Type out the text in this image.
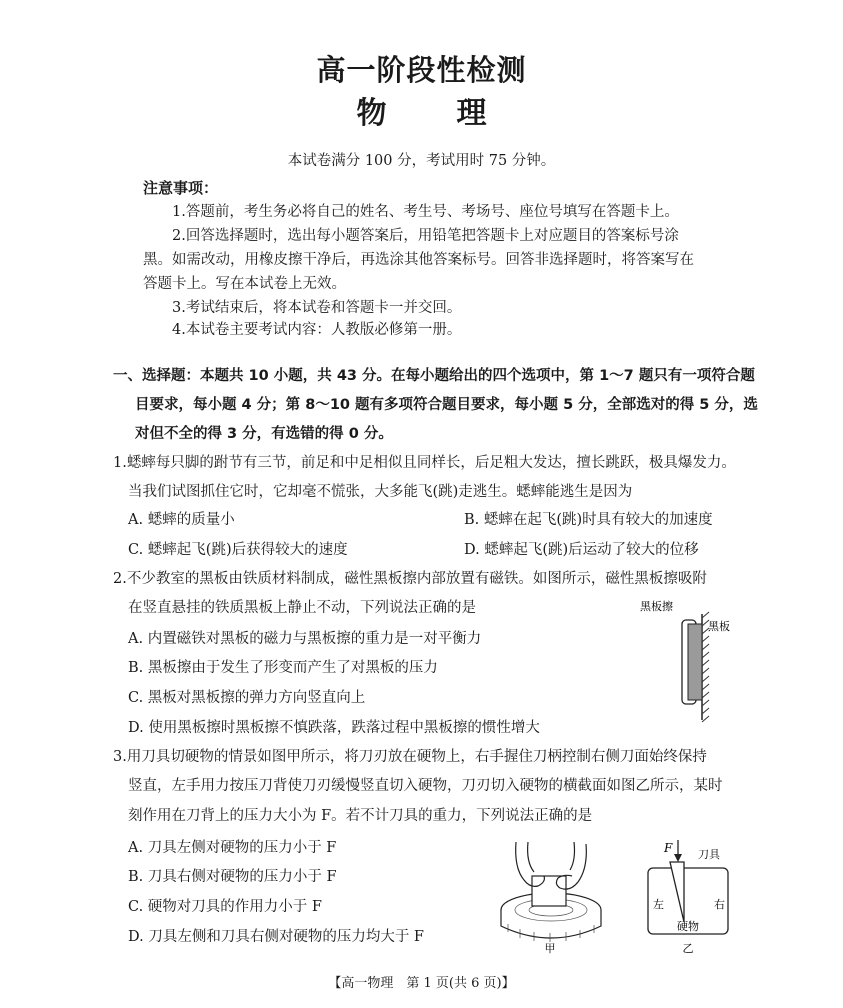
高一阶段性检测
物 理
本试卷满分 100 分，考试用时 75 分钟。
注意事项：
1.答题前，考生务必将自己的姓名、考生号、考场号、座位号填写在答题卡上。
2.回答选择题时，选出每小题答案后，用铅笔把答题卡上对应题目的答案标号涂
黑。如需改动，用橡皮擦干净后，再选涂其他答案标号。回答非选择题时，将答案写在
答题卡上。写在本试卷上无效。
3.考试结束后，将本试卷和答题卡一并交回。
4.本试卷主要考试内容：人教版必修第一册。
一、选择题：本题共 10 小题，共 43 分。在每小题给出的四个选项中，第 1～7 题只有一项符合题
目要求，每小题 4 分；第 8～10 题有多项符合题目要求，每小题 5 分，全部选对的得 5 分，选
对但不全的得 3 分，有选错的得 0 分。
1.蟋蟀每只脚的跗节有三节，前足和中足相似且同样长，后足粗大发达，擅长跳跃，极具爆发力。
当我们试图抓住它时，它却毫不慌张，大多能飞(跳)走逃生。蟋蟀能逃生是因为
A. 蟋蟀的质量小	B. 蟋蟀在起飞(跳)时具有较大的加速度
C. 蟋蟀起飞(跳)后获得较大的速度	D. 蟋蟀起飞(跳)后运动了较大的位移
2.不少教室的黑板由铁质材料制成，磁性黑板擦内部放置有磁铁。如图所示，磁性黑板擦吸附
在竖直悬挂的铁质黑板上静止不动，下列说法正确的是
A. 内置磁铁对黑板的磁力与黑板擦的重力是一对平衡力
B. 黑板擦由于发生了形变而产生了对黑板的压力
C. 黑板对黑板擦的弹力方向竖直向上
D. 使用黑板擦时黑板擦不慎跌落，跌落过程中黑板擦的惯性增大
黑板擦
黑板
3.用刀具切硬物的情景如图甲所示，将刀刃放在硬物上，右手握住刀柄控制右侧刀面始终保持
竖直，左手用力按压刀背使刀刃缓慢竖直切入硬物，刀刃切入硬物的横截面如图乙所示，某时
刻作用在刀背上的压力大小为 F。若不计刀具的重力，下列说法正确的是
A. 刀具左侧对硬物的压力小于 F
B. 刀具右侧对硬物的压力小于 F
C. 硬物对刀具的作用力小于 F
D. 刀具左侧和刀具右侧对硬物的压力均大于 F
甲
F 刀具
左	右
硬物
乙
【高一物理　第 1 页(共 6 页)】
